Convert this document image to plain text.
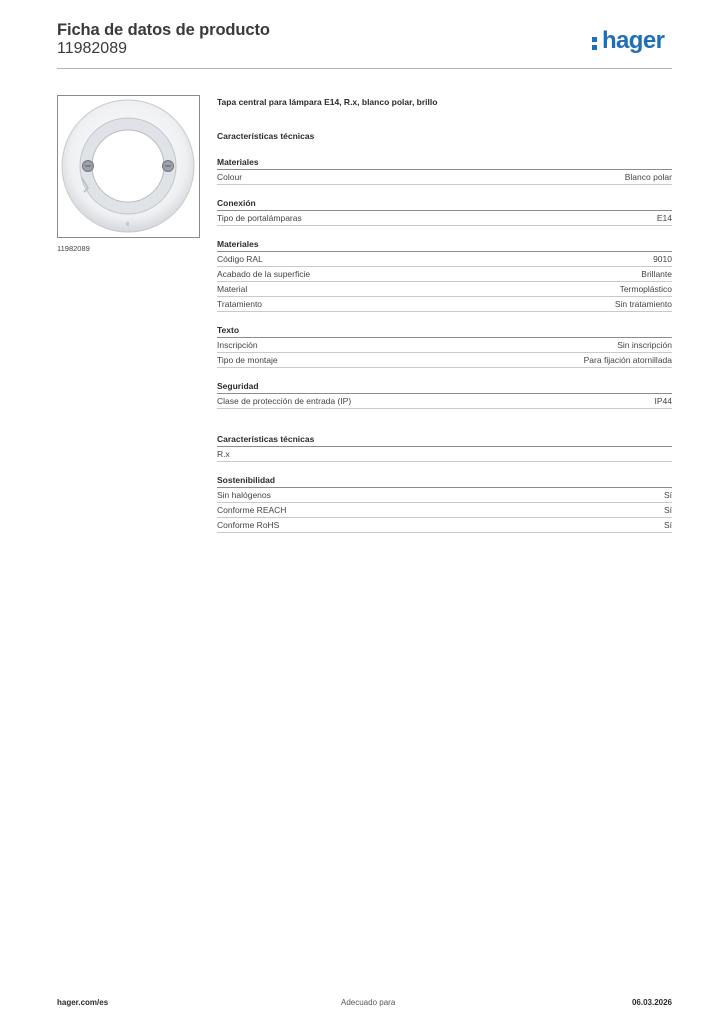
Ficha de datos de producto
11982089	hager
11982089
Tapa central para lámpara E14, R.x, blanco polar, brillo
Características técnicas
Materiales
Colour	Blanco polar
Conexión
Tipo de portalámparas	E14
Materiales
Código RAL	9010
Acabado de la superficie	Brillante
Material	Termoplástico
Tratamiento	Sin tratamiento
Texto
Inscripción	Sin inscripción
Tipo de montaje	Para fijación atornillada
Seguridad
Clase de protección de entrada (IP)	IP44
Características técnicas
R.x
Sostenibilidad
Sin halógenos	Sí
Conforme REACH	Sí
Conforme RoHS	Sí
hager.com/es	Adecuado para	06.03.2026
